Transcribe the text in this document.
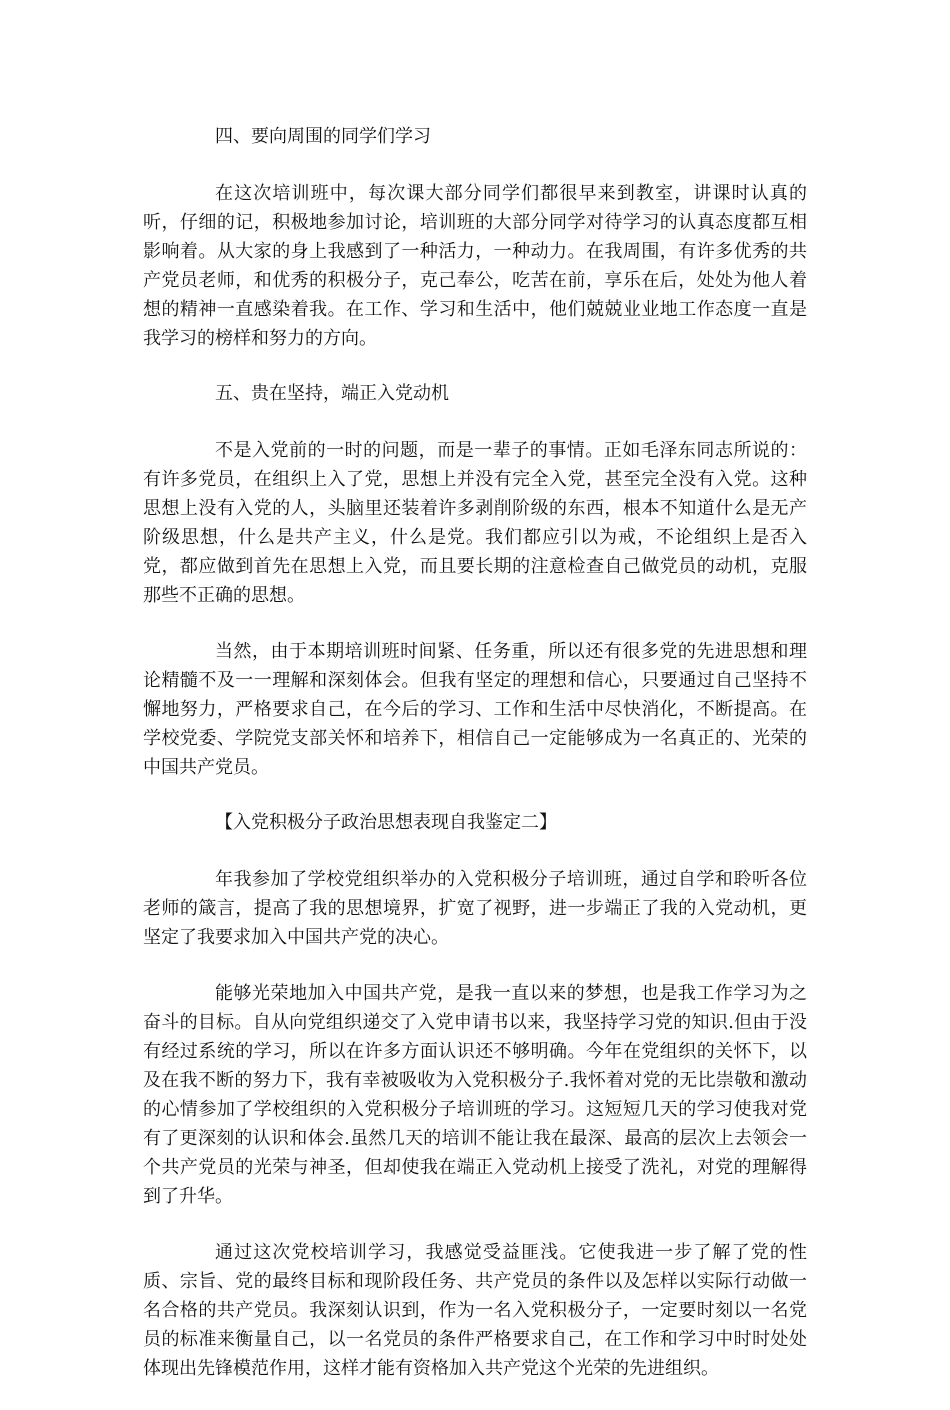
四、要向周围的同学们学习

在这次培训班中，每次课大部分同学们都很早来到教室，讲课时认真的听，仔细的记，积极地参加讨论，培训班的大部分同学对待学习的认真态度都互相影响着。从大家的身上我感到了一种活力，一种动力。在我周围，有许多优秀的共产党员老师，和优秀的积极分子，克己奉公，吃苦在前，享乐在后，处处为他人着想的精神一直感染着我。在工作、学习和生活中，他们兢兢业业地工作态度一直是我学习的榜样和努力的方向。

五、贵在坚持，端正入党动机

不是入党前的一时的问题，而是一辈子的事情。正如毛泽东同志所说的：有许多党员，在组织上入了党，思想上并没有完全入党，甚至完全没有入党。这种思想上没有入党的人，头脑里还装着许多剥削阶级的东西，根本不知道什么是无产阶级思想，什么是共产主义，什么是党。我们都应引以为戒，不论组织上是否入党，都应做到首先在思想上入党，而且要长期的注意检查自己做党员的动机，克服那些不正确的思想。

当然，由于本期培训班时间紧、任务重，所以还有很多党的先进思想和理论精髓不及一一理解和深刻体会。但我有坚定的理想和信心，只要通过自己坚持不懈地努力，严格要求自己，在今后的学习、工作和生活中尽快消化，不断提高。在学校党委、学院党支部关怀和培养下，相信自己一定能够成为一名真正的、光荣的中国共产党员。

【入党积极分子政治思想表现自我鉴定二】

年我参加了学校党组织举办的入党积极分子培训班，通过自学和聆听各位老师的箴言，提高了我的思想境界，扩宽了视野，进一步端正了我的入党动机，更坚定了我要求加入中国共产党的决心。

能够光荣地加入中国共产党，是我一直以来的梦想，也是我工作学习为之奋斗的目标。自从向党组织递交了入党申请书以来，我坚持学习党的知识.但由于没有经过系统的学习，所以在许多方面认识还不够明确。今年在党组织的关怀下，以及在我不断的努力下，我有幸被吸收为入党积极分子.我怀着对党的无比崇敬和激动的心情参加了学校组织的入党积极分子培训班的学习。这短短几天的学习使我对党有了更深刻的认识和体会.虽然几天的培训不能让我在最深、最高的层次上去领会一个共产党员的光荣与神圣，但却使我在端正入党动机上接受了洗礼，对党的理解得到了升华。

通过这次党校培训学习，我感觉受益匪浅。它使我进一步了解了党的性质、宗旨、党的最终目标和现阶段任务、共产党员的条件以及怎样以实际行动做一名合格的共产党员。我深刻认识到，作为一名入党积极分子，一定要时刻以一名党员的标准来衡量自己，以一名党员的条件严格要求自己，在工作和学习中时时处处体现出先锋模范作用，这样才能有资格加入共产党这个光荣的先进组织。
